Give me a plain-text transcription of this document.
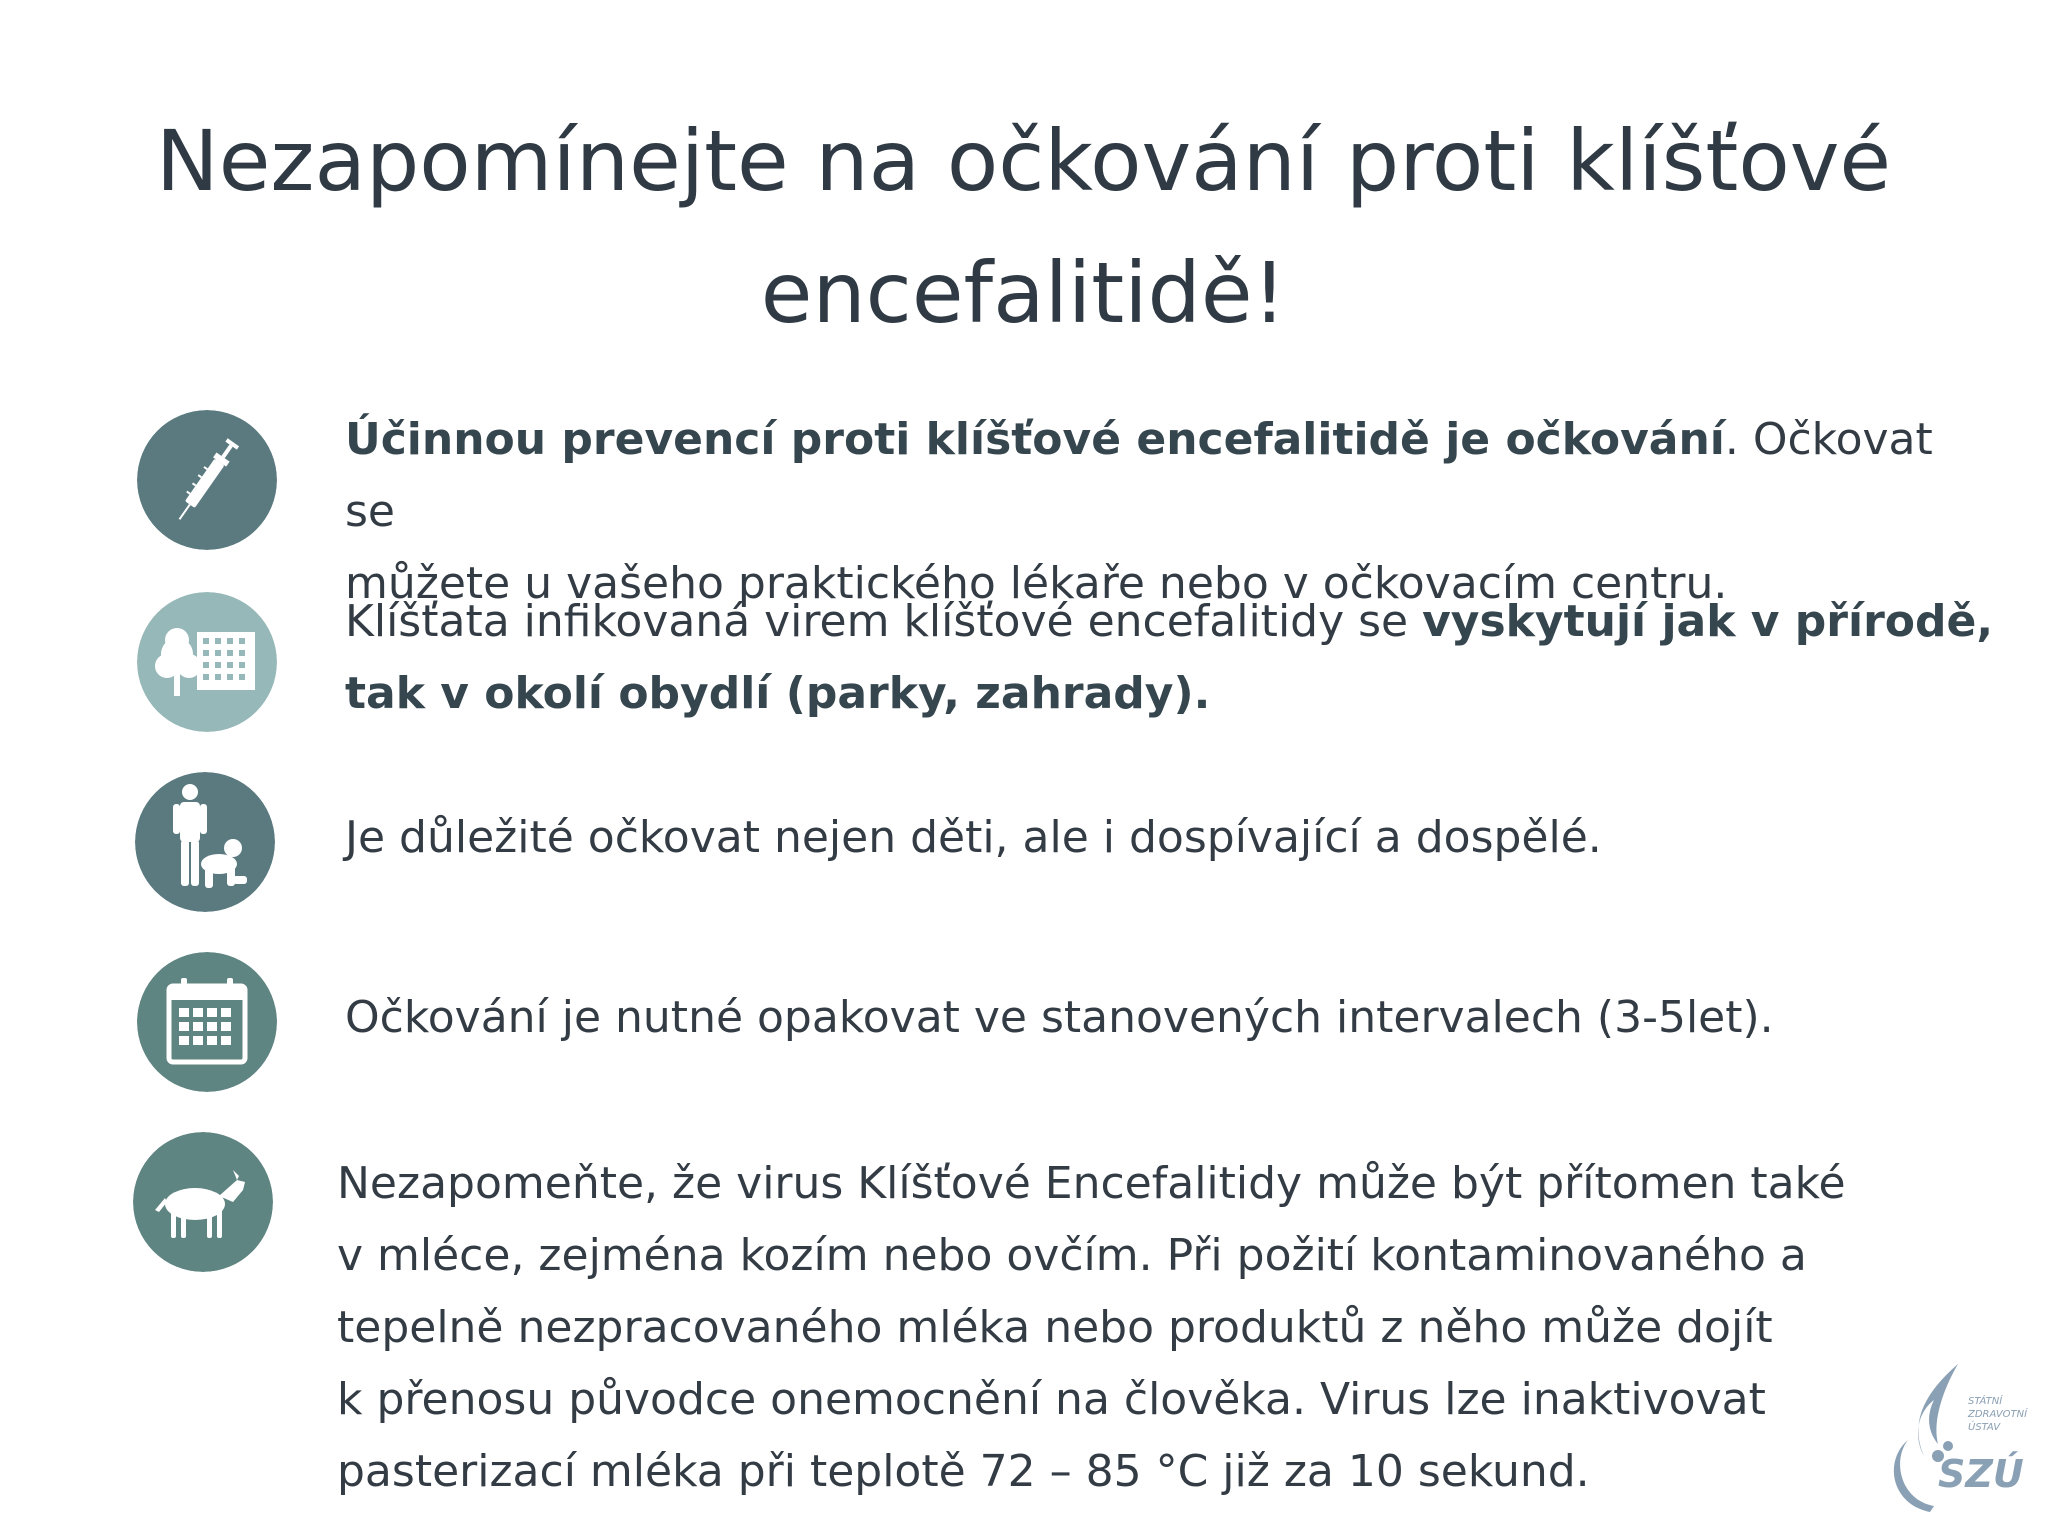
Nezapomínejte na očkování proti klíšťové
encefalitidě!
Účinnou prevencí proti klíšťové encefalitidě je očkování. Očkovat se
můžete u vašeho praktického lékaře nebo v očkovacím centru.
Klíšťata infikovaná virem klíšťové encefalitidy se vyskytují jak v přírodě,
tak v okolí obydlí (parky, zahrady).
Je důležité očkovat nejen děti, ale i dospívající a dospělé.
Očkování je nutné opakovat ve stanovených intervalech (3-5let).
Nezapomeňte, že virus Klíšťové Encefalitidy může být přítomen také
v mléce, zejména kozím nebo ovčím. Při požití kontaminovaného a
tepelně nezpracovaného mléka nebo produktů z něho může dojít
k přenosu původce onemocnění na člověka. Virus lze inaktivovat
pasterizací mléka při teplotě 72 – 85 °C již za 10 sekund.
STÁTNÍ
ZDRAVOTNÍ
ÚSTAV
SZÚ
